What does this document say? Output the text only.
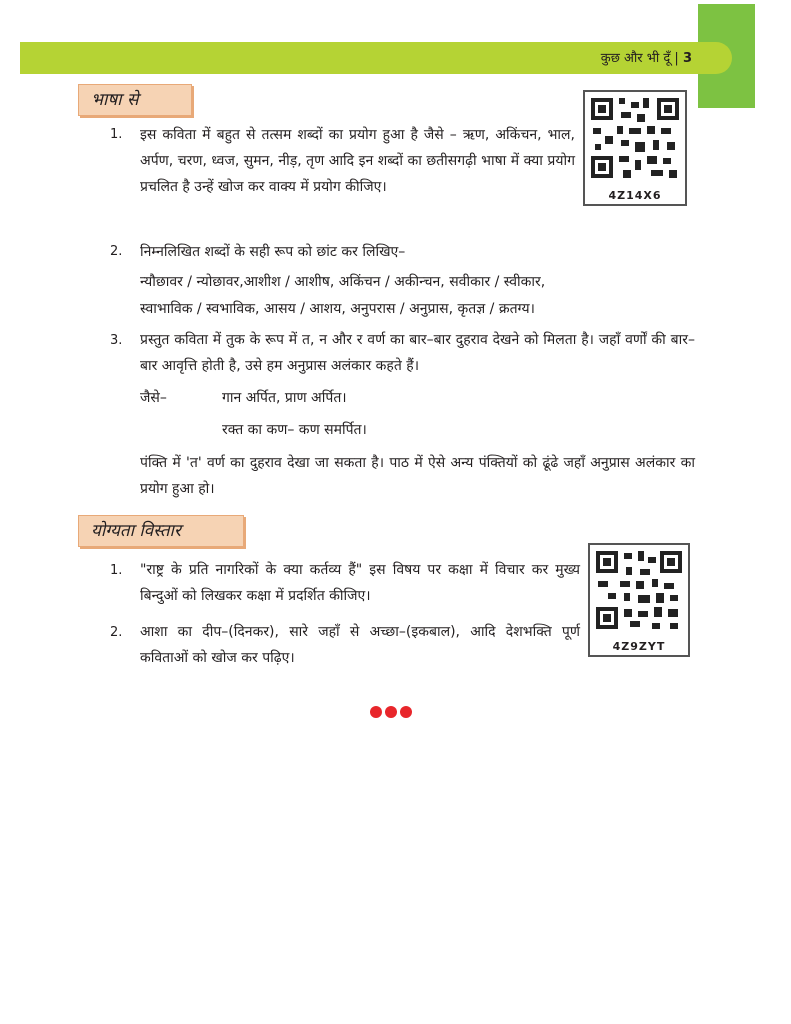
कुछ और भी दूँ | 3
भाषा से
4Z14X6
1. इस कविता में बहुत से तत्सम शब्दों का प्रयोग हुआ है जैसे – ऋण, अकिंचन, भाल, अर्पण, चरण, ध्वज, सुमन, नीड़, तृण आदि इन शब्दों का छतीसगढ़ी भाषा में क्या प्रयोग प्रचलित है उन्हें खोज कर वाक्य में प्रयोग कीजिए।
2. निम्नलिखित शब्दों के सही रूप को छांट कर लिखिए–
न्यौछावर / न्योछावर,आशीश / आशीष, अकिंचन / अकीन्चन, सवीकार / स्वीकार,
स्वाभाविक / स्वभाविक, आसय / आशय, अनुपरास / अनुप्रास, कृतज्ञ / क्रतग्य।
3. प्रस्तुत कविता में तुक के रूप में त, न और र वर्ण का बार–बार दुहराव देखने को मिलता है। जहाँ वर्णों की बार–बार आवृत्ति होती है, उसे हम अनुप्रास अलंकार कहते हैं।
जैसे–	गान अर्पित, प्राण अर्पित।
रक्त का कण– कण समर्पित।
पंक्ति में 'त' वर्ण का दुहराव देखा जा सकता है। पाठ में ऐसे अन्य पंक्तियों को ढूंढे जहाँ अनुप्रास अलंकार का प्रयोग हुआ हो।
योग्यता विस्तार
4Z9ZYT
1. "राष्ट्र के प्रति नागरिकों के क्या कर्तव्य हैं" इस विषय पर कक्षा में विचार कर मुख्य बिन्दुओं को लिखकर कक्षा में प्रदर्शित कीजिए।
2. आशा का दीप–(दिनकर), सारे जहाँ से अच्छा–(इकबाल), आदि देशभक्ति पूर्ण कविताओं को खोज कर पढ़िए।
